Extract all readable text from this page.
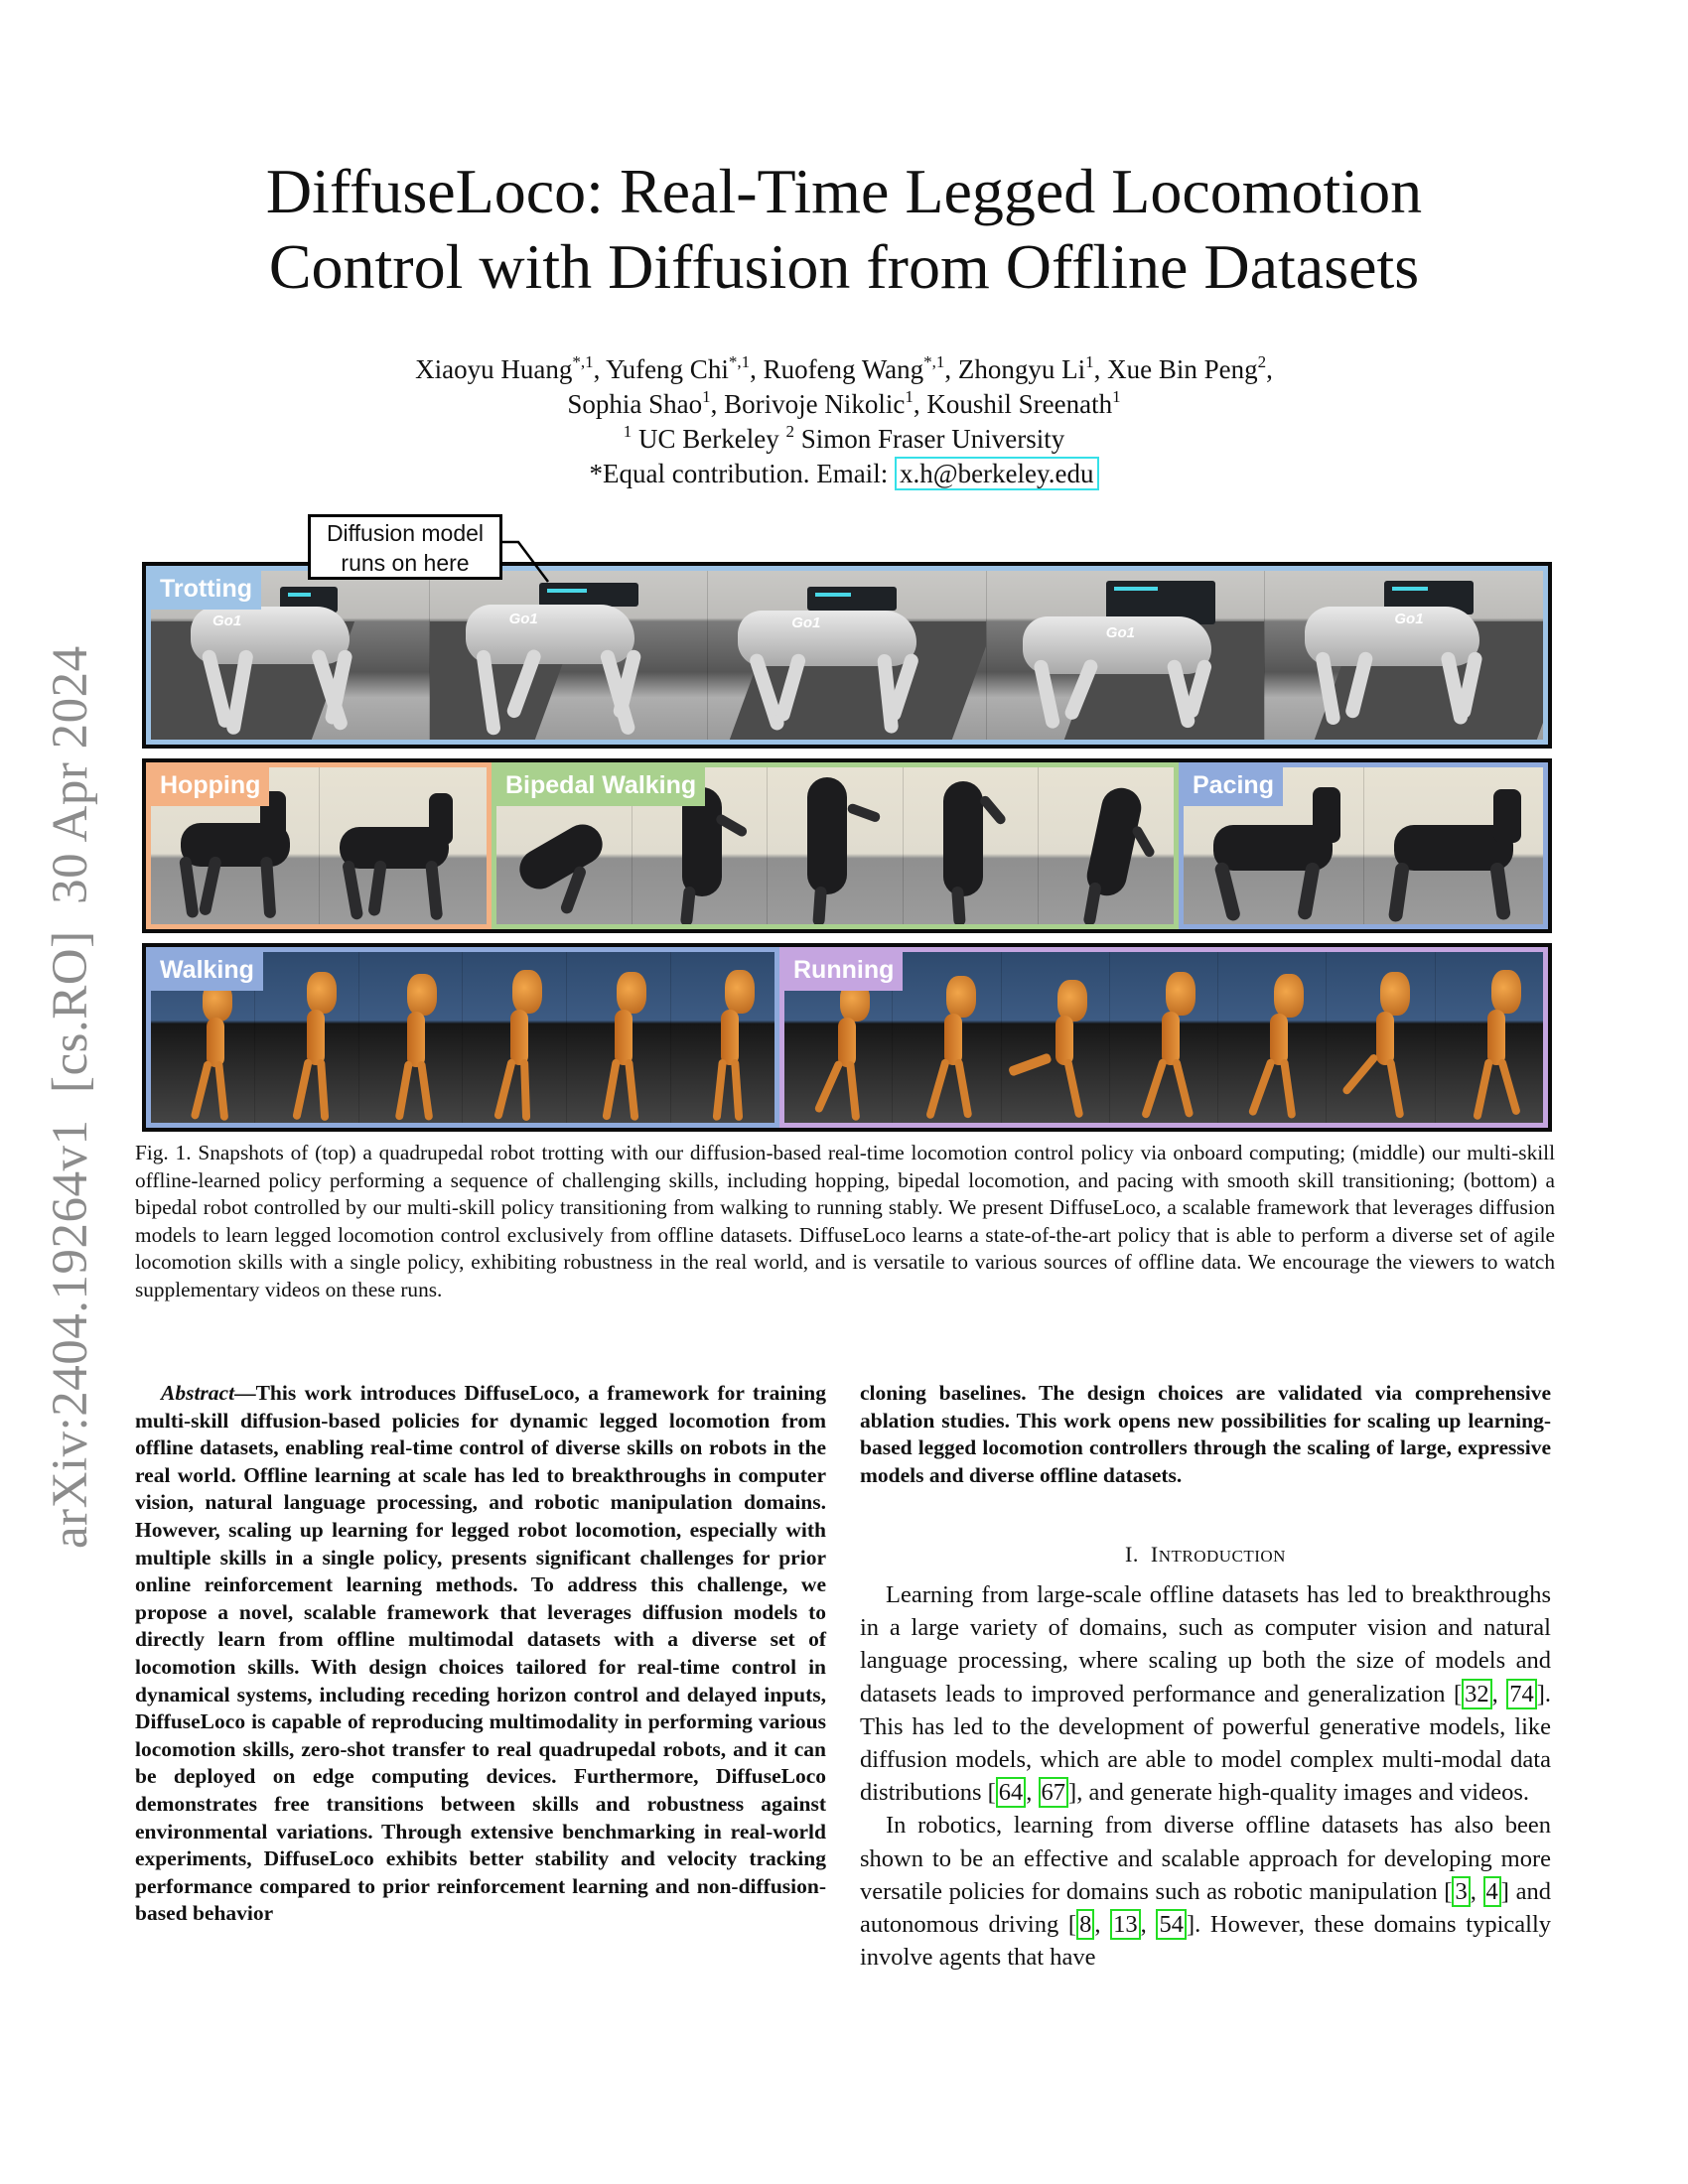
arXiv:2404.19264v1  [cs.RO]  30 Apr 2024
DiffuseLoco: Real-Time Legged Locomotion
Control with Diffusion from Offline Datasets
Xiaoyu Huang$^{*,1}$, Yufeng Chi$^{*,1}$, Ruofeng Wang$^{*,1}$, Zhongyu Li$^1$, Xue Bin Peng$^2$,
Sophia Shao$^1$, Borivoje Nikolic$^1$, Koushil Sreenath$^1$
$^1$ UC Berkeley $^2$ Simon Fraser University
*Equal contribution. Email: x.h@berkeley.edu
Diffusion model
runs on here
Trotting
Go1	Go1	Go1
Go1
Go1
Hopping	Bipedal Walking	Pacing
Walking	Running
Fig. 1. Snapshots of (top) a quadrupedal robot trotting with our diffusion-based real-time locomotion control policy via onboard computing; (middle) our multi-skill offline-learned policy performing a sequence of challenging skills, including hopping, bipedal locomotion, and pacing with smooth skill transitioning; (bottom) a bipedal robot controlled by our multi-skill policy transitioning from walking to running stably. We present DiffuseLoco, a scalable framework that leverages diffusion models to learn legged locomotion control exclusively from offline datasets. DiffuseLoco learns a state-of-the-art policy that is able to perform a diverse set of agile locomotion skills with a single policy, exhibiting robustness in the real world, and is versatile to various sources of offline data. We encourage the viewers to watch supplementary videos on these runs.

Abstract—This work introduces DiffuseLoco, a framework for training multi-skill diffusion-based policies for dynamic legged locomotion from offline datasets, enabling real-time control of diverse skills on robots in the real world. Offline learning at scale has led to breakthroughs in computer vision, natural language processing, and robotic manipulation domains. However, scaling up learning for legged robot locomotion, especially with multiple skills in a single policy, presents significant challenges for prior online reinforcement learning methods. To address this challenge, we propose a novel, scalable framework that leverages diffusion models to directly learn from offline multimodal datasets with a diverse set of locomotion skills. With design choices tailored for real-time control in dynamical systems, including receding horizon control and delayed inputs, DiffuseLoco is capable of reproducing multimodality in performing various locomotion skills, zero-shot transfer to real quadrupedal robots, and it can be deployed on edge computing devices. Furthermore, DiffuseLoco demonstrates free transitions between skills and robustness against environmental variations. Through extensive benchmarking in real-world experiments, DiffuseLoco exhibits better stability and velocity tracking performance compared to prior reinforcement learning and non-diffusion-based behavior

cloning baselines. The design choices are validated via comprehensive ablation studies. This work opens new possibilities for scaling up learning-based legged locomotion controllers through the scaling of large, expressive models and diverse offline datasets.

I. INTRODUCTION

Learning from large-scale offline datasets has led to breakthroughs in a large variety of domains, such as computer vision and natural language processing, where scaling up both the size of models and datasets leads to improved performance and generalization [ 32 , 74 ]. This has led to the development of powerful generative models, like diffusion models, which are able to model complex multi-modal data distributions [ 64 , 67 ], and generate high-quality images and videos.

In robotics, learning from diverse offline datasets has also been shown to be an effective and scalable approach for developing more versatile policies for domains such as robotic manipulation [ 3 , 4 ] and autonomous driving [ 8 , 13 , 54 ]. However, these domains typically involve agents that have
